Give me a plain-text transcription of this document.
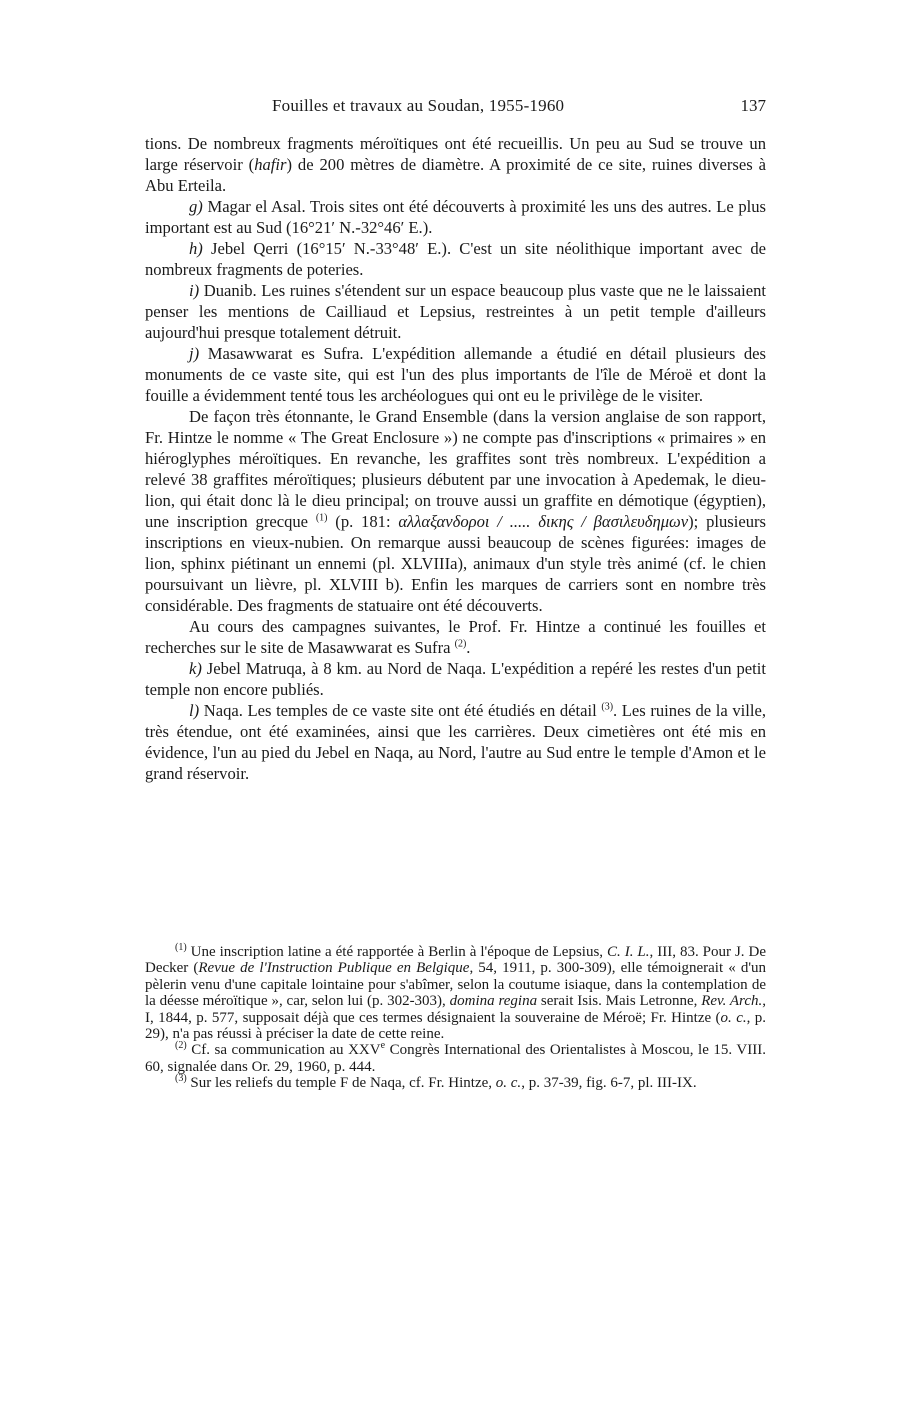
Fouilles et travaux au Soudan, 1955-1960	137

tions. De nombreux fragments méroïtiques ont été recueillis. Un peu au Sud se trouve un large réservoir (hafir) de 200 mètres de diamètre. A proximité de ce site, ruines diverses à Abu Erteila.

g) Magar el Asal. Trois sites ont été découverts à proximité les uns des autres. Le plus important est au Sud (16°21′ N.-32°46′ E.).

h) Jebel Qerri (16°15′ N.-33°48′ E.). C'est un site néolithique important avec de nombreux fragments de poteries.

i) Duanib. Les ruines s'étendent sur un espace beaucoup plus vaste que ne le laissaient penser les mentions de Cailliaud et Lepsius, restreintes à un petit temple d'ailleurs aujourd'hui presque totalement détruit.

j) Masawwarat es Sufra. L'expédition allemande a étudié en détail plusieurs des monuments de ce vaste site, qui est l'un des plus importants de l'île de Méroë et dont la fouille a évidemment tenté tous les archéologues qui ont eu le privilège de le visiter.

De façon très étonnante, le Grand Ensemble (dans la version anglaise de son rapport, Fr. Hintze le nomme « The Great Enclosure ») ne compte pas d'inscriptions « primaires » en hiéroglyphes méroïtiques. En revanche, les graffites sont très nombreux. L'expédition a relevé 38 graffites méroïtiques; plusieurs débutent par une invocation à Apedemak, le dieu-lion, qui était donc là le dieu principal; on trouve aussi un graffite en démotique (égyptien), une inscription grecque $^{(1)}$ (p. 181: αλλαξανδοροι / ..... δικης / βασιλευδημων); plusieurs inscriptions en vieux-nubien. On remarque aussi beaucoup de scènes figurées: images de lion, sphinx piétinant un ennemi (pl. XLVIIIa), animaux d'un style très animé (cf. le chien poursuivant un lièvre, pl. XLVIII b). Enfin les marques de carriers sont en nombre très considérable. Des fragments de statuaire ont été découverts.

Au cours des campagnes suivantes, le Prof. Fr. Hintze a continué les fouilles et recherches sur le site de Masawwarat es Sufra $^{(2)}$.

k) Jebel Matruqa, à 8 km. au Nord de Naqa. L'expédition a repéré les restes d'un petit temple non encore publiés.

l) Naqa. Les temples de ce vaste site ont été étudiés en détail $^{(3)}$. Les ruines de la ville, très étendue, ont été examinées, ainsi que les carrières. Deux cimetières ont été mis en évidence, l'un au pied du Jebel en Naqa, au Nord, l'autre au Sud entre le temple d'Amon et le grand réservoir.

$^{(1)}$ Une inscription latine a été rapportée à Berlin à l'époque de Lepsius, C. I. L., III, 83. Pour J. De Decker (Revue de l'Instruction Publique en Belgique, 54, 1911, p. 300-309), elle témoignerait « d'un pèlerin venu d'une capitale lointaine pour s'abîmer, selon la coutume isiaque, dans la contemplation de la déesse méroïtique », car, selon lui (p. 302-303), domina regina serait Isis. Mais Letronne, Rev. Arch., I, 1844, p. 577, supposait déjà que ces termes désignaient la souveraine de Méroë; Fr. Hintze (o. c., p. 29), n'a pas réussi à préciser la date de cette reine.

$^{(2)}$ Cf. sa communication au XXVe Congrès International des Orientalistes à Moscou, le 15. VIII. 60, signalée dans Or. 29, 1960, p. 444.

$^{(3)}$ Sur les reliefs du temple F de Naqa, cf. Fr. Hintze, o. c., p. 37-39, fig. 6-7, pl. III-IX.
